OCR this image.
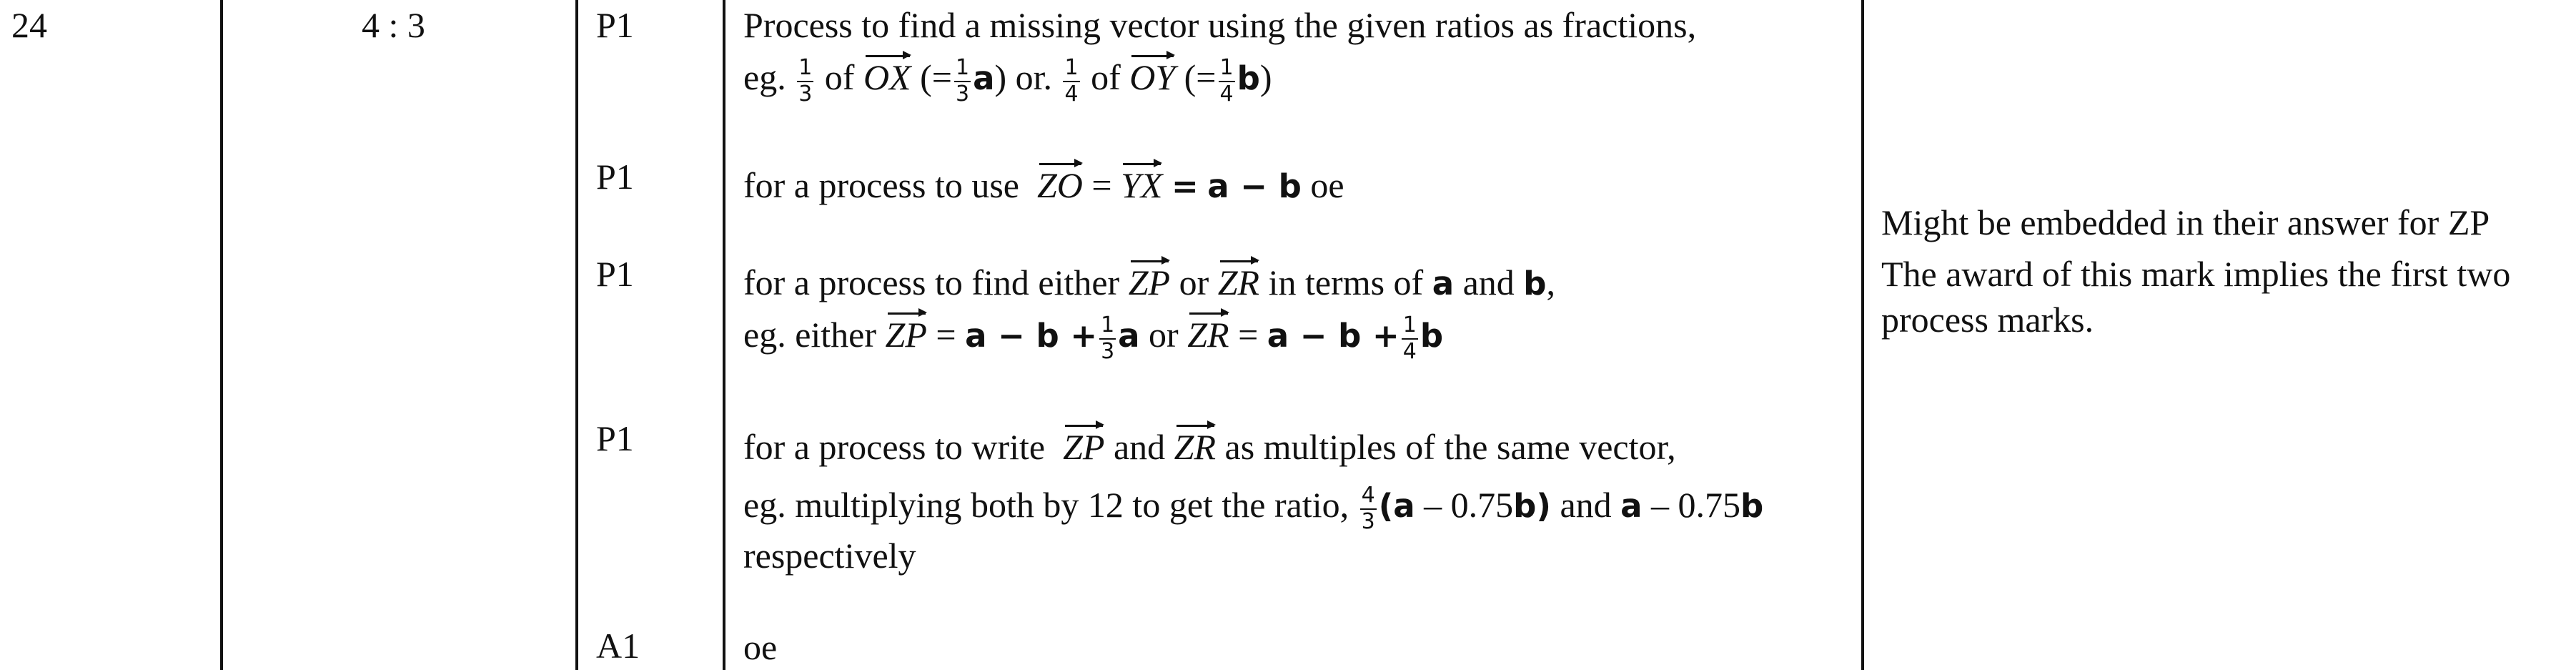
24	4 : 3	P1
P1
P1
P1
A1
Process to find a missing vector using the given ratios as fractions,
eg. $\frac{1}{3}$ of OX (= $\frac{1}{3} a$) or. $\frac{1}{4}$ of OY (= $\frac{1}{4} b$)
for a process to use ZO = YX = a − b oe
for a process to find either ZP or ZR in terms of a and b,
eg. either ZP = $a - b + \frac{1}{3}$ a or ZR = $a - b + \frac{1}{4}$ b
for a process to write ZP and ZR as multiples of the same vector,
eg. multiplying both by 12 to get the ratio, $\frac{4}{3} (a - 0.75b)$ and a – 0.75b
respectively
oe
Might be embedded in their answer for ZP
The award of this mark implies the first two
process marks.
